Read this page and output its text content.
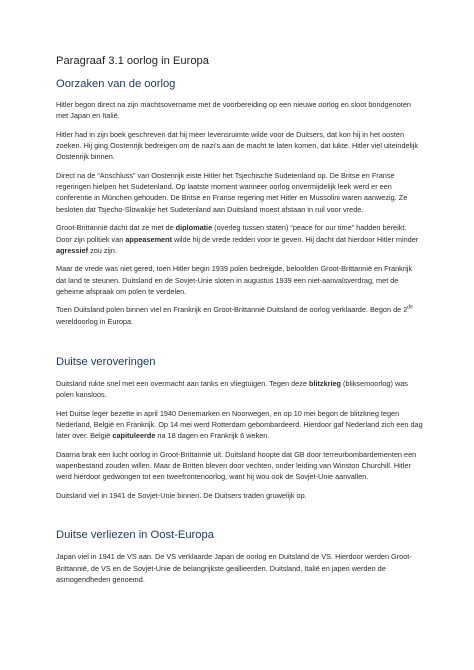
Paragraaf 3.1 oorlog in Europa
Oorzaken van de oorlog

Hitler begon direct na zijn machtsovername met de voorbereiding op een nieuwe oorlog en sloot bondgenoten met Japan en Italië.

Hitler had in zijn boek geschreven dat hij meer levensruimte wilde voor de Duitsers, dat kon hij in het oosten zoeken. Hij ging Oostenrijk bedreigen om de nazi’s aan de macht te laten komen, dat lukte. Hitler viel uiteindelijk Oostenrijk binnen.

Direct na de “Anschluss” van Oostenrijk eiste Hitler het Tsjechische Sudetenland op. De Britse en Franse regeringen hielpen het Sudetenland. Op laatste moment wanneer oorlog onvermijdelijk leek werd er een conferentie in München gehouden. De Britse en Franse regering met Hitler en Mussolini waren aanwezig. Ze besloten dat Tsjecho-Slowakije het Sudetenland aan Duitsland moest afstaan in ruil voor vrede.

Groot-Brittannië dacht dat ze met de diplomatie (overleg tussen staten) “peace for our time” hadden bereikt. Door zijn politiek van appeasement wilde hij de vrede redden voor te geven. Hij dacht dat hierdoor Hitler minder agressief zou zijn.

Maar de vrede was niet gered, toen Hitler begin 1939 polen bedreigde, beloofden Groot-Brittannië en Frankrijk dat land te steunen. Duitsland en de Sovjet-Unie sloten in augustus 1939 een niet-aanvalsverdrag, met de geheime afspraak om polen te verdelen.

Toen Duitsland polen binnen viel en Frankrijk en Groot-Brittannië Duitsland de oorlog verklaarde. Begon de 2de wereldoorlog in Europa.

Duitse veroveringen

Duitsland rukte snel met een overmacht aan tanks en vliegtuigen. Tegen deze blitzkrieg (bliksemoorlog) was polen kansloos.

Het Duitse leger bezette in april 1940 Denemarken en Noorwegen, en op 10 mei begon de blitzkrieg tegen Nederland, België en Frankrijk. Op 14 mei werd Rotterdam gebombardeerd. Hierdoor gaf Nederland zich een dag later over. België capituleerde na 18 dagen en Frankrijk 6 weken.

Daarna brak een lucht oorlog in Groot-Brittannië uit. Duitsland hoopte dat GB door terreurbombardementen een wapenbestand zouden willen. Maar de Britten bleven door vechten, onder leiding van Winston Churchill. Hitler werd hierdoor gedwongen tot een tweefrontenoorlog, want hij wou ook de Sovjet-Unie aanvallen.

Duitsland viel in 1941 de Sovjet-Unie binnen. De Duitsers traden gruwelijk op.

Duitse verliezen in Oost-Europa

Japan viel in 1941 de VS aan. De VS verklaarde Japan de oorlog en Duitsland de VS. Hierdoor werden Groot-Brittannië, de VS en de Sovjet-Unie de belangrijkste geallieerden. Duitsland, Italië en japen werden de asmogendheden genoemd.
